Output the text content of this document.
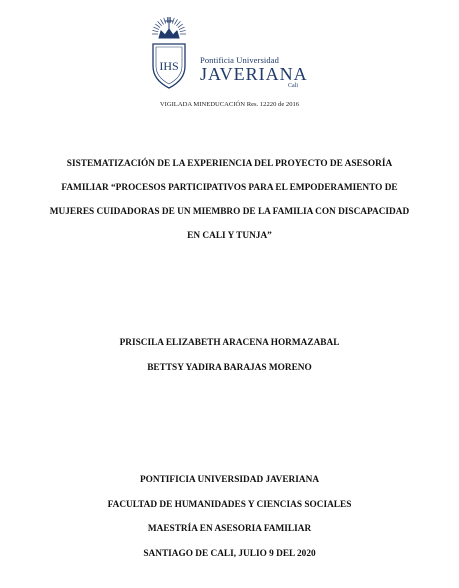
IHS	Pontificia Universidad
JAVERIANA
Cali
VIGILADA MINEDUCACIÓN Res. 12220 de 2016
SISTEMATIZACIÓN DE LA EXPERIENCIA DEL PROYECTO DE ASESORÍA
FAMILIAR “PROCESOS PARTICIPATIVOS PARA EL EMPODERAMIENTO DE
MUJERES CUIDADORAS DE UN MIEMBRO DE LA FAMILIA CON DISCAPACIDAD
EN CALI Y TUNJA”
PRISCILA ELIZABETH ARACENA HORMAZABAL
BETTSY YADIRA BARAJAS MORENO
PONTIFICIA UNIVERSIDAD JAVERIANA
FACULTAD DE HUMANIDADES Y CIENCIAS SOCIALES
MAESTRÍA EN ASESORIA FAMILIAR
SANTIAGO DE CALI, JULIO 9 DEL 2020
